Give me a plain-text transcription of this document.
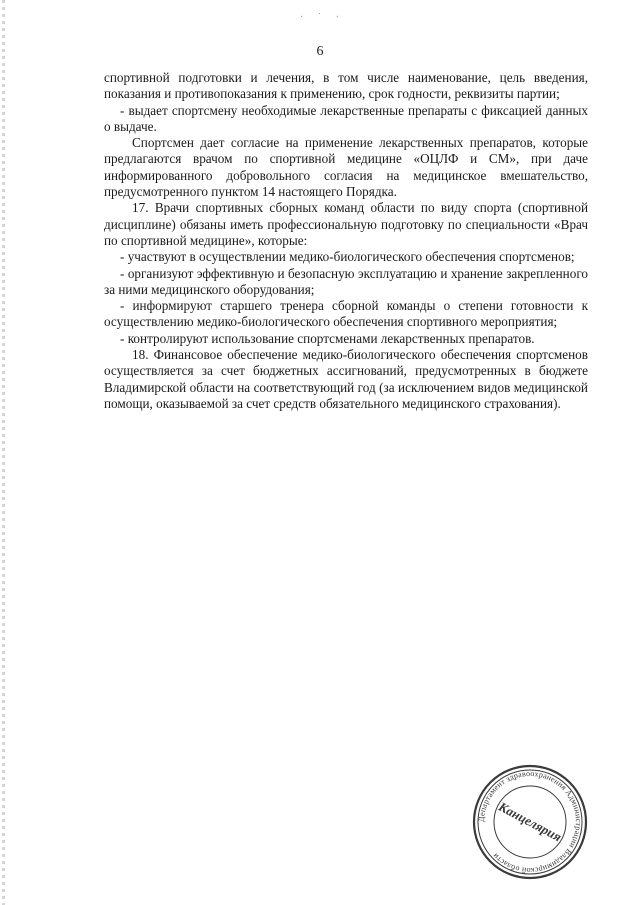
· ˙ ·
6

спортивной подготовки и лечения, в том числе наименование, цель введения, показания и противопоказания к применению, срок годности, реквизиты партии;

- выдает спортсмену необходимые лекарственные препараты с фиксацией данных о выдаче.

Спортсмен дает согласие на применение лекарственных препаратов, которые предлагаются врачом по спортивной медицине «ОЦЛФ и СМ», при даче информированного добровольного согласия на медицинское вмешательство, предусмотренного пунктом 14 настоящего Порядка.

17. Врачи спортивных сборных команд области по виду спорта (спортивной дисциплине) обязаны иметь профессиональную подготовку по специальности «Врач по спортивной медицине», которые:

- участвуют в осуществлении медико-биологического обеспечения спортсменов;

- организуют эффективную и безопасную эксплуатацию и хранение закрепленного за ними медицинского оборудования;

- информируют старшего тренера сборной команды о степени готовности к осуществлению медико-биологического обеспечения спортивного мероприятия;

- контролируют использование спортсменами лекарственных препаратов.

18. Финансовое обеспечение медико-биологического обеспечения спортсменов осуществляется за счет бюджетных ассигнований, предусмотренных в бюджете Владимирской области на соответствующий год (за исключением видов медицинской помощи, оказываемой за счет средств обязательного медицинского страхования).

Департамент здравоохранения Администрации Владимирской области
Канцелярия
